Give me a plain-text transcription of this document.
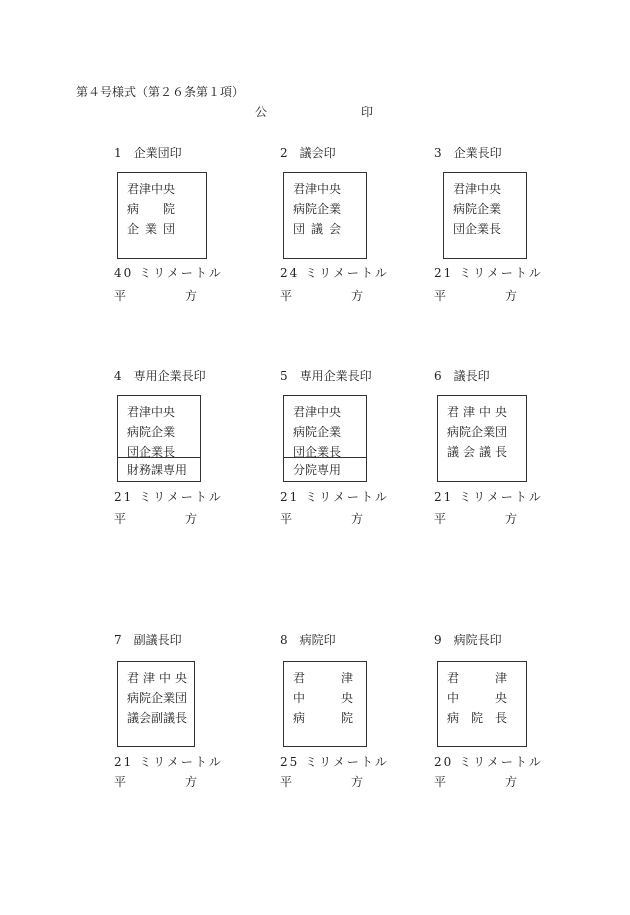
第４号様式（第２６条第１項）
公	印
1　企業団印
君津中央
病　院
企業団
40 ミリメートル
平	方
2　議会印
君津中央
病院企業
団議会
24 ミリメートル
平	方
3　企業長印
君津中央
病院企業
団企業長
21 ミリメートル
平	方
4　専用企業長印
君津中央
病院企業
団企業長
財務課専用
21 ミリメートル
平	方
5　専用企業長印
君津中央
病院企業
団企業長
分院専用
21 ミリメートル
平	方
6　議長印
君津中央
病院企業団
議会議長
21 ミリメートル
平	方
7　副議長印
君津中央
病院企業団
議会副議長
21 ミリメートル
平	方
8　病院印
君　津
中　央
病　院
25 ミリメートル
平	方
9　病院長印
君　津
中　央
病院長
20 ミリメートル
平	方
